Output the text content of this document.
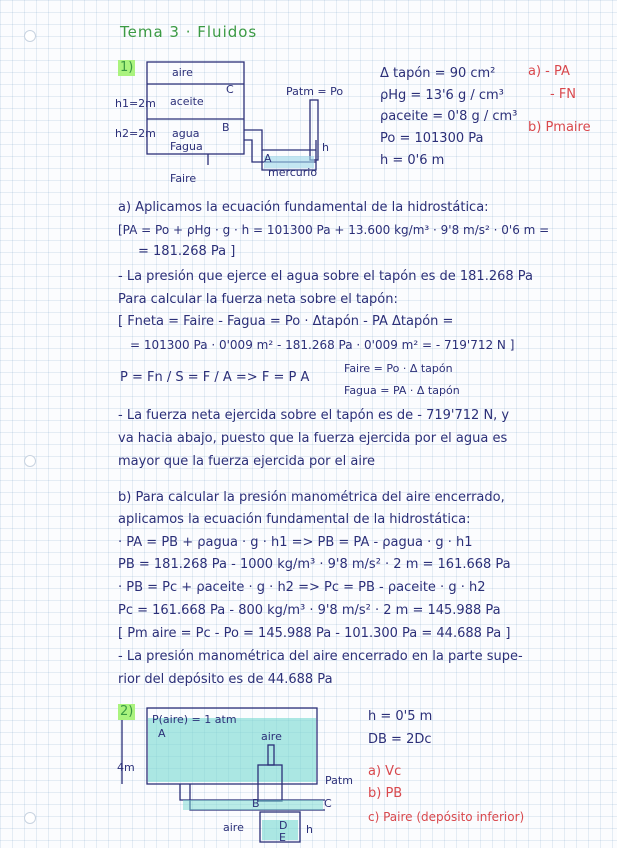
Tema 3 · Fluidos
1)	aire
aceite
agua
Fagua
Faire	mercurio
Patm = Po
h1=2m
h2=2m
C
B
A
h
Δ tapón = 90 cm²
ρHg = 13'6 g / cm³
ρaceite = 0'8 g / cm³
Po = 101300 Pa
h = 0'6 m
a) - PA
- FN
b) Pmaire
a) Aplicamos la ecuación fundamental de la hidrostática:
[PA = Po + ρHg · g · h = 101300 Pa + 13.600 kg/m³ · 9'8 m/s² · 0'6 m =
= 181.268 Pa ]
- La presión que ejerce el agua sobre el tapón es de 181.268 Pa
Para calcular la fuerza neta sobre el tapón:
[ Fneta = Faire - Fagua = Po · Δtapón - PA Δtapón =
= 101300 Pa · 0'009 m² - 181.268 Pa · 0'009 m² = - 719'712 N ]
P = Fn / S = F / A => F = P A
Faire = Po · Δ tapón
Fagua = PA · Δ tapón
- La fuerza neta ejercida sobre el tapón es de - 719'712 N, y
va hacia abajo, puesto que la fuerza ejercida por el agua es
mayor que la fuerza ejercida por el aire
b) Para calcular la presión manométrica del aire encerrado,
aplicamos la ecuación fundamental de la hidrostática:
· PA = PB + ρagua · g · h1 => PB = PA - ρagua · g · h1
PB = 181.268 Pa - 1000 kg/m³ · 9'8 m/s² · 2 m = 161.668 Pa
· PB = Pc + ρaceite · g · h2 => Pc = PB - ρaceite · g · h2
Pc = 161.668 Pa - 800 kg/m³ · 9'8 m/s² · 2 m = 145.988 Pa
[ Pm aire = Pc - Po = 145.988 Pa - 101.300 Pa = 44.688 Pa ]
- La presión manométrica del aire encerrado en la parte supe-
rior del depósito es de 44.688 Pa
2)
P(aire) = 1 atm
A	aire
Patm
4m
B	C
D
E
aire	h
h = 0'5 m
DB = 2Dc
a) Vc
b) PB
c) Paire (depósito inferior)
